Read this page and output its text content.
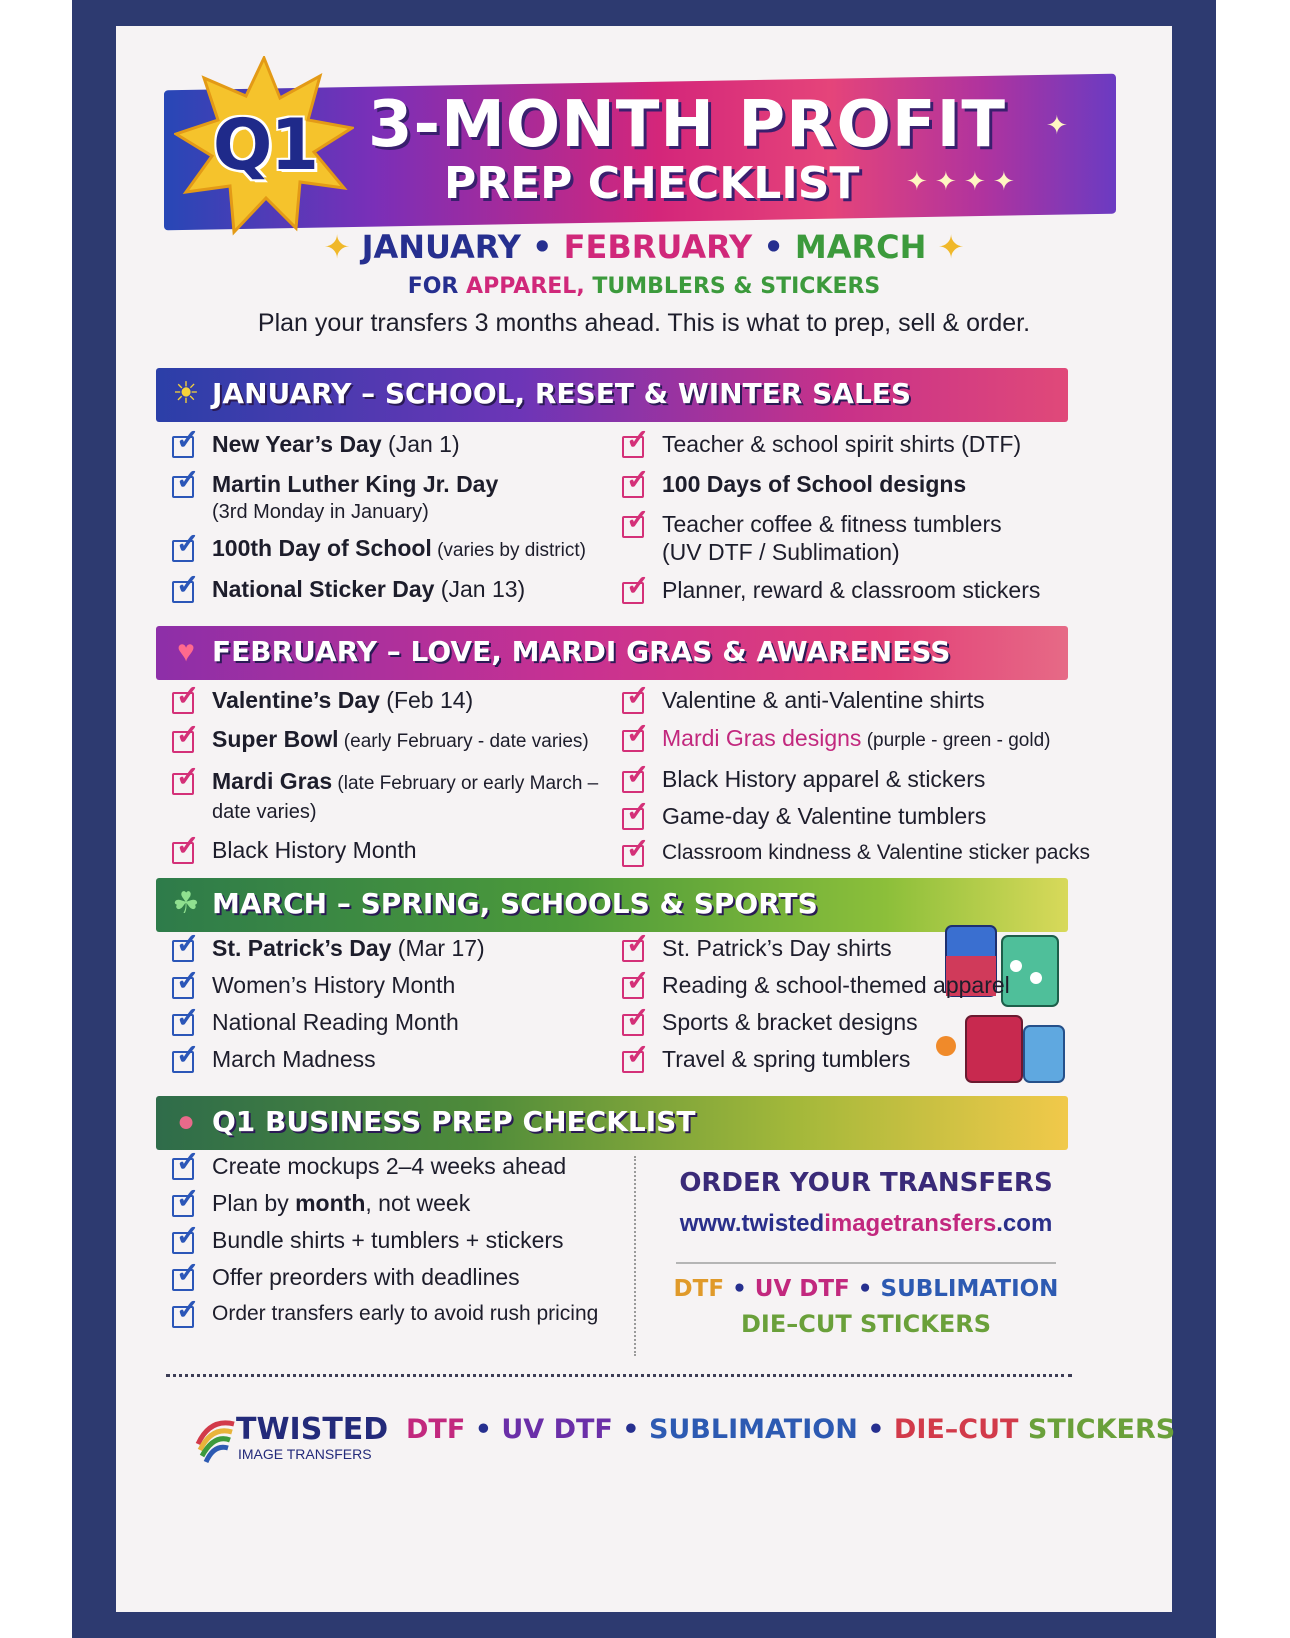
Q1 3-MONTH PROFIT
PREP CHECKLIST	✦ ✦ ✦ ✦
✦
✦ JANUARY • FEBRUARY • MARCH ✦
FOR APPAREL, TUMBLERS & STICKERS
Plan your transfers 3 months ahead. This is what to prep, sell & order.
☀ JANUARY – SCHOOL, RESET & WINTER SALES
✓ New Year’s Day (Jan 1)
✓ Martin Luther King Jr. Day
(3rd Monday in January)
✓ 100th Day of School (varies by district)
✓ National Sticker Day (Jan 13)
✓ Teacher & school spirit shirts (DTF)
✓ 100 Days of School designs
✓ Teacher coffee & fitness tumblers
(UV DTF / Sublimation)
✓ Planner, reward & classroom stickers
♥ FEBRUARY – LOVE, MARDI GRAS & AWARENESS
✓ Valentine’s Day (Feb 14)
✓ Super Bowl (early February - date varies)
✓ Mardi Gras (late February or early March –
date varies)
✓ Black History Month
✓ Valentine & anti-Valentine shirts
✓ Mardi Gras designs (purple - green - gold)
✓ Black History apparel & stickers
✓ Game-day & Valentine tumblers
✓ Classroom kindness & Valentine sticker packs
☘ MARCH – SPRING, SCHOOLS & SPORTS
✓ St. Patrick’s Day (Mar 17)
✓ Women’s History Month
✓ National Reading Month
✓ March Madness
✓ St. Patrick’s Day shirts
✓ Reading & school-themed apparel
✓ Sports & bracket designs
✓ Travel & spring tumblers
● Q1 BUSINESS PREP CHECKLIST
✓ Create mockups 2–4 weeks ahead
✓ Plan by month, not week
✓ Bundle shirts + tumblers + stickers
✓ Offer preorders with deadlines
✓ Order transfers early to avoid rush pricing
ORDER YOUR TRANSFERS
www.twistedimagetransfers.com
DTF • UV DTF • SUBLIMATION
DIE–CUT STICKERS
TWISTED
IMAGE TRANSFERS
DTF • UV DTF • SUBLIMATION • DIE–CUT STICKERS
